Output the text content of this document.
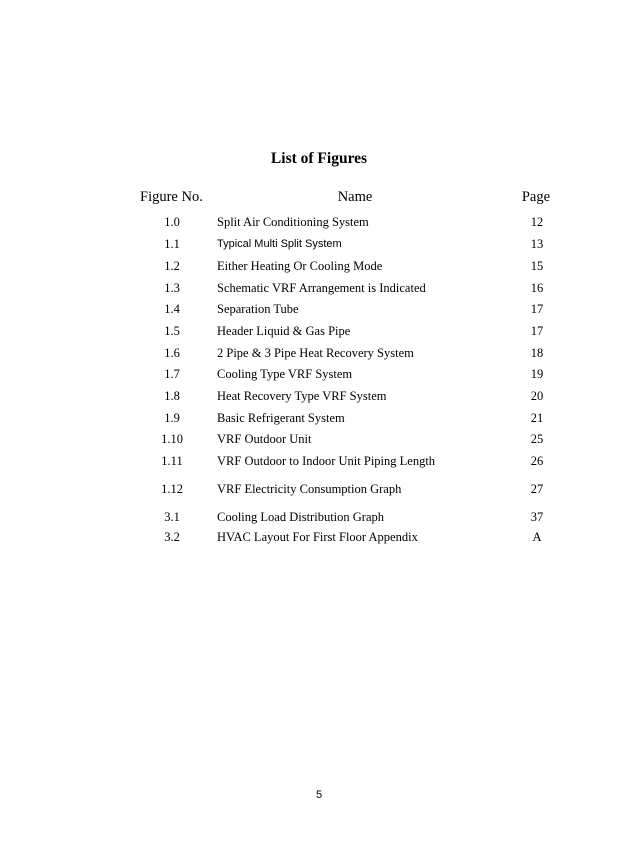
List of Figures
Figure No.	Name	Page
1.0	Split Air Conditioning System	12
1.1	Typical Multi Split System	13
1.2	Either Heating Or Cooling Mode	15
1.3	Schematic VRF Arrangement is Indicated	16
1.4	Separation Tube	17
1.5	Header Liquid & Gas Pipe	17
1.6	2 Pipe & 3 Pipe Heat Recovery System	18
1.7	Cooling Type VRF System	19
1.8	Heat Recovery Type VRF System	20
1.9	Basic Refrigerant System	21
1.10	VRF Outdoor Unit	25
1.11	VRF Outdoor to Indoor Unit Piping Length	26
1.12	VRF Electricity Consumption Graph	27
3.1	Cooling Load Distribution Graph	37
3.2	HVAC Layout For First Floor Appendix	A
5
